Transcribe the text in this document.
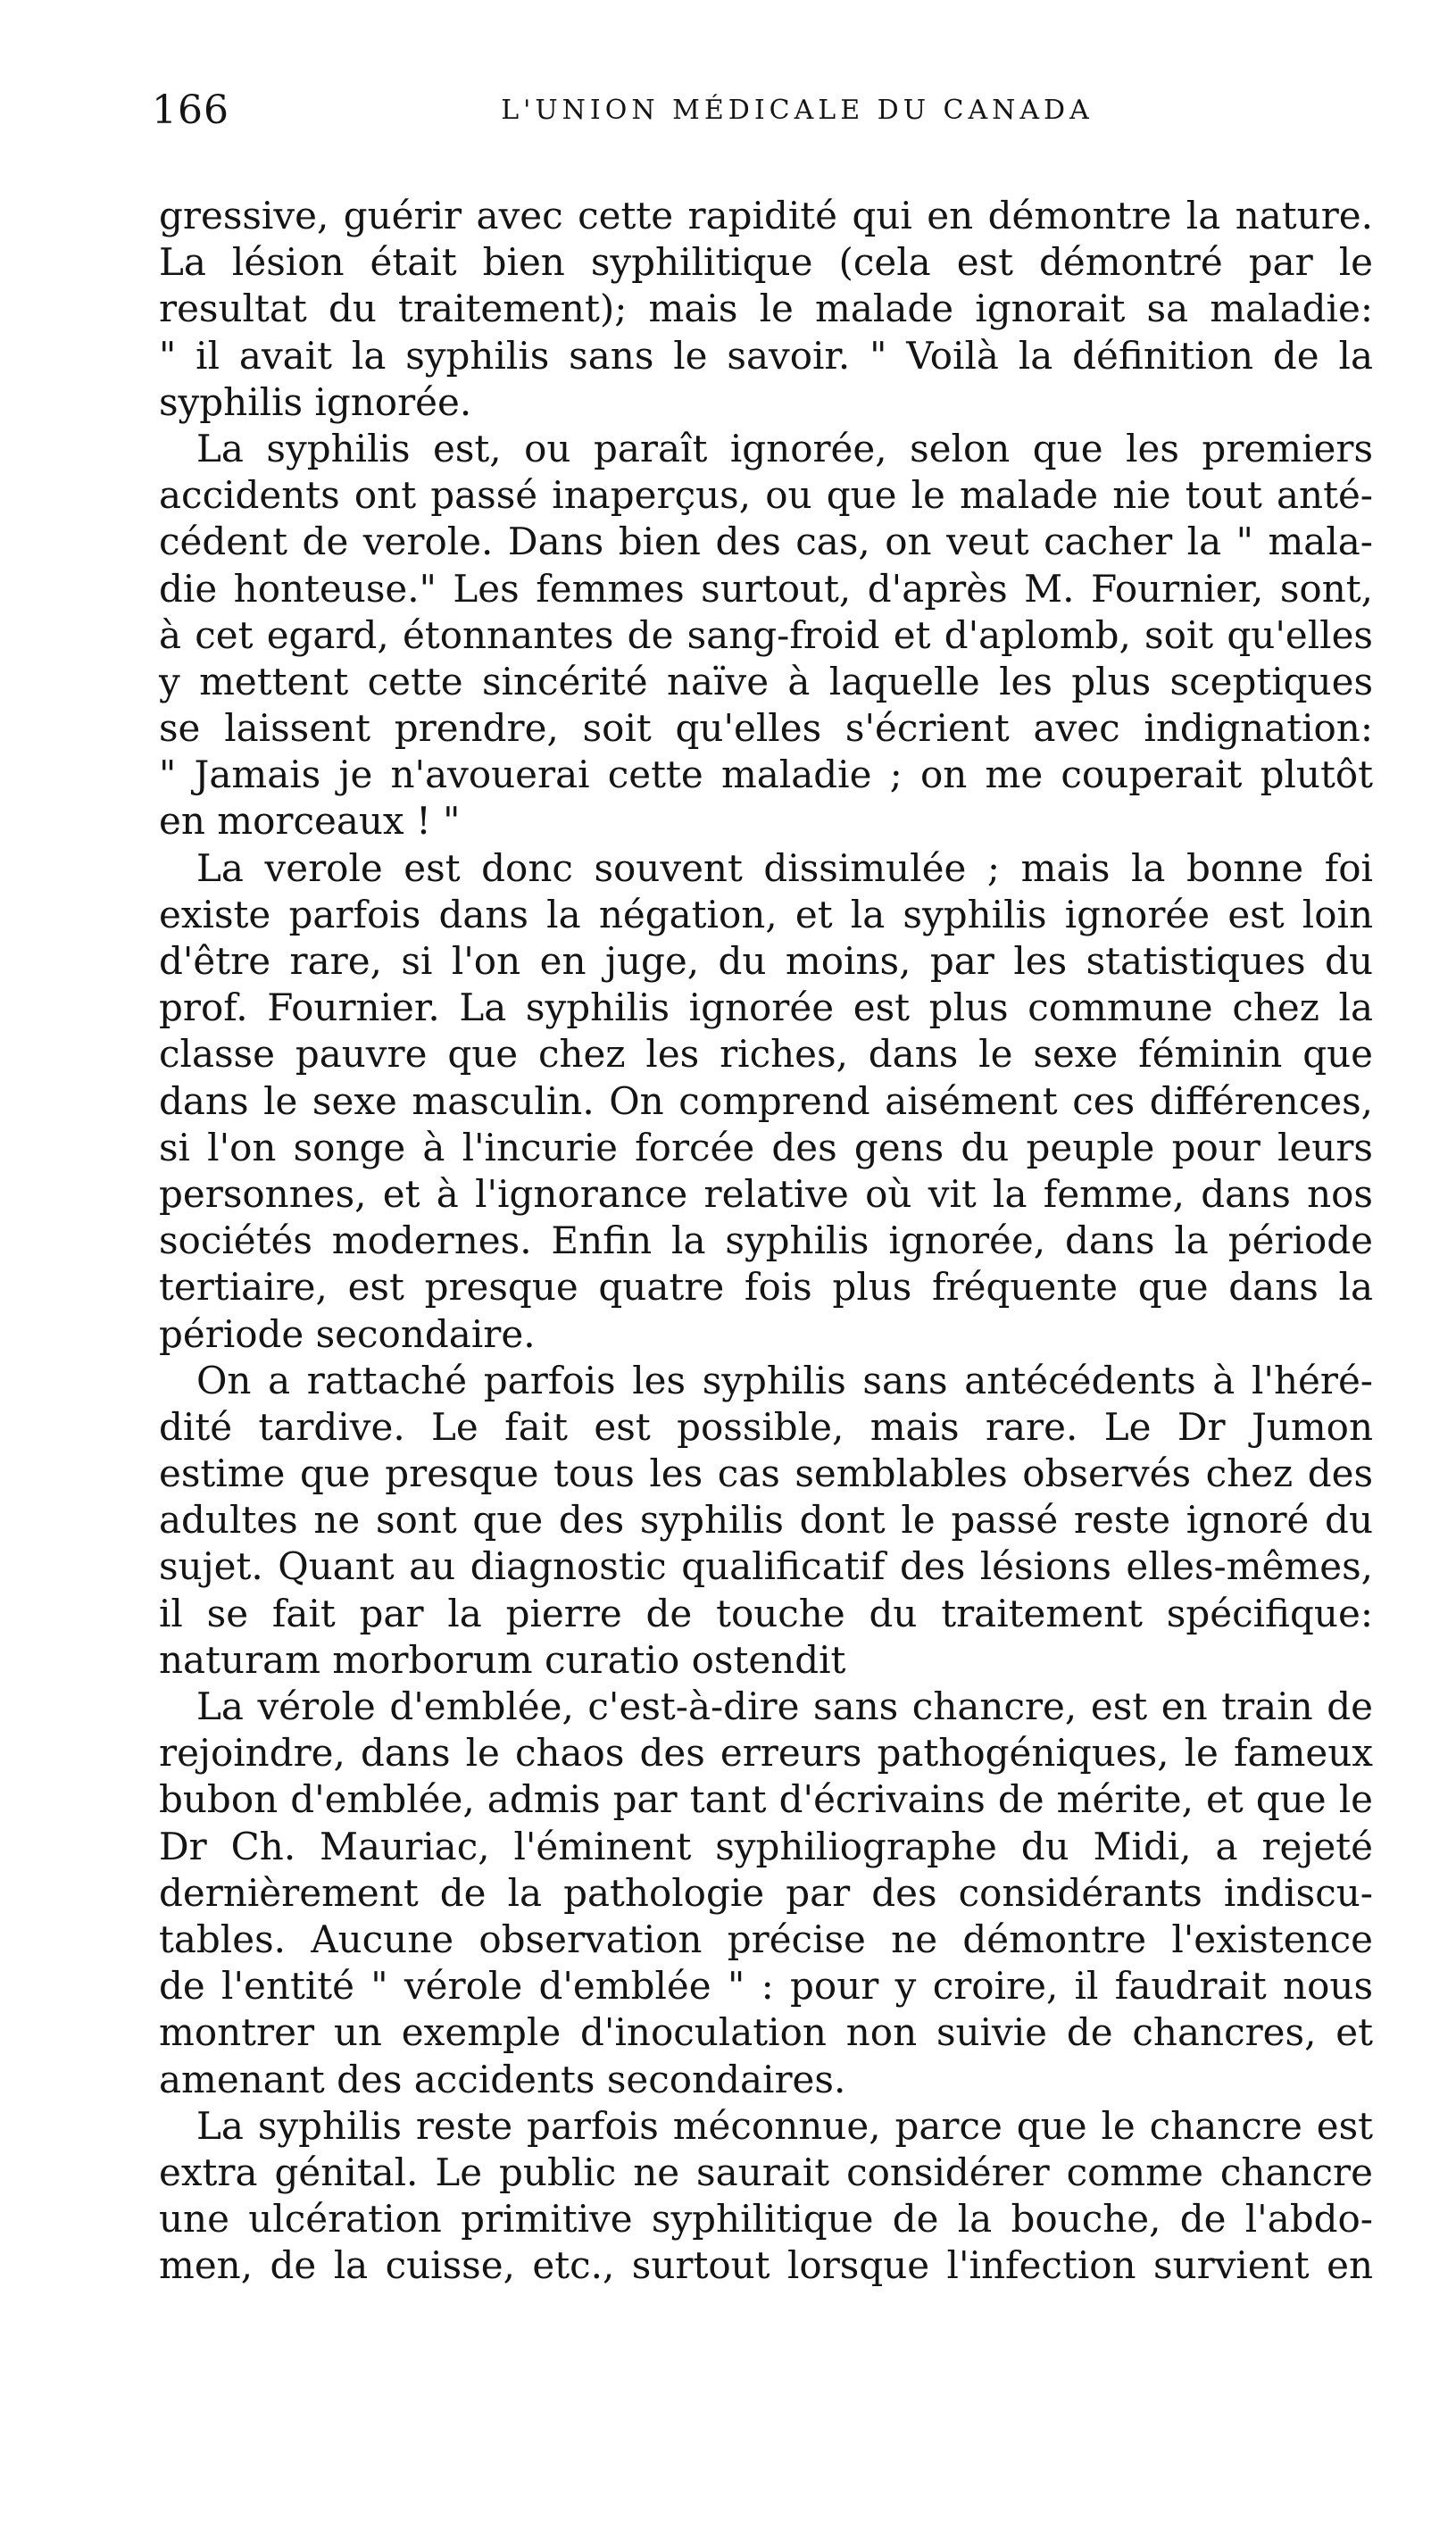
166	L'UNION MÉDICALE DU CANADA
gressive, guérir avec cette rapidité qui en démontre la nature.
La lésion était bien syphilitique (cela est démontré par le
resultat du traitement); mais le malade ignorait sa maladie:
" il avait la syphilis sans le savoir. " Voilà la définition de la
syphilis ignorée.
La syphilis est, ou paraît ignorée, selon que les premiers
accidents ont passé inaperçus, ou que le malade nie tout anté-
cédent de verole. Dans bien des cas, on veut cacher la " mala-
die honteuse." Les femmes surtout, d'après M. Fournier, sont,
à cet egard, étonnantes de sang-froid et d'aplomb, soit qu'elles
y mettent cette sincérité naïve à laquelle les plus sceptiques
se laissent prendre, soit qu'elles s'écrient avec indignation:
" Jamais je n'avouerai cette maladie ; on me couperait plutôt
en morceaux ! "
La verole est donc souvent dissimulée ; mais la bonne foi
existe parfois dans la négation, et la syphilis ignorée est loin
d'être rare, si l'on en juge, du moins, par les statistiques du
prof. Fournier. La syphilis ignorée est plus commune chez la
classe pauvre que chez les riches, dans le sexe féminin que
dans le sexe masculin. On comprend aisément ces différences,
si l'on songe à l'incurie forcée des gens du peuple pour leurs
personnes, et à l'ignorance relative où vit la femme, dans nos
sociétés modernes. Enfin la syphilis ignorée, dans la période
tertiaire, est presque quatre fois plus fréquente que dans la
période secondaire.
On a rattaché parfois les syphilis sans antécédents à l'héré-
dité tardive. Le fait est possible, mais rare. Le Dr Jumon
estime que presque tous les cas semblables observés chez des
adultes ne sont que des syphilis dont le passé reste ignoré du
sujet. Quant au diagnostic qualificatif des lésions elles-mêmes,
il se fait par la pierre de touche du traitement spécifique:
naturam morborum curatio ostendit
La vérole d'emblée, c'est-à-dire sans chancre, est en train de
rejoindre, dans le chaos des erreurs pathogéniques, le fameux
bubon d'emblée, admis par tant d'écrivains de mérite, et que le
Dr Ch. Mauriac, l'éminent syphiliographe du Midi, a rejeté
dernièrement de la pathologie par des considérants indiscu-
tables. Aucune observation précise ne démontre l'existence
de l'entité " vérole d'emblée " : pour y croire, il faudrait nous
montrer un exemple d'inoculation non suivie de chancres, et
amenant des accidents secondaires.
La syphilis reste parfois méconnue, parce que le chancre est
extra génital. Le public ne saurait considérer comme chancre
une ulcération primitive syphilitique de la bouche, de l'abdo-
men, de la cuisse, etc., surtout lorsque l'infection survient en
